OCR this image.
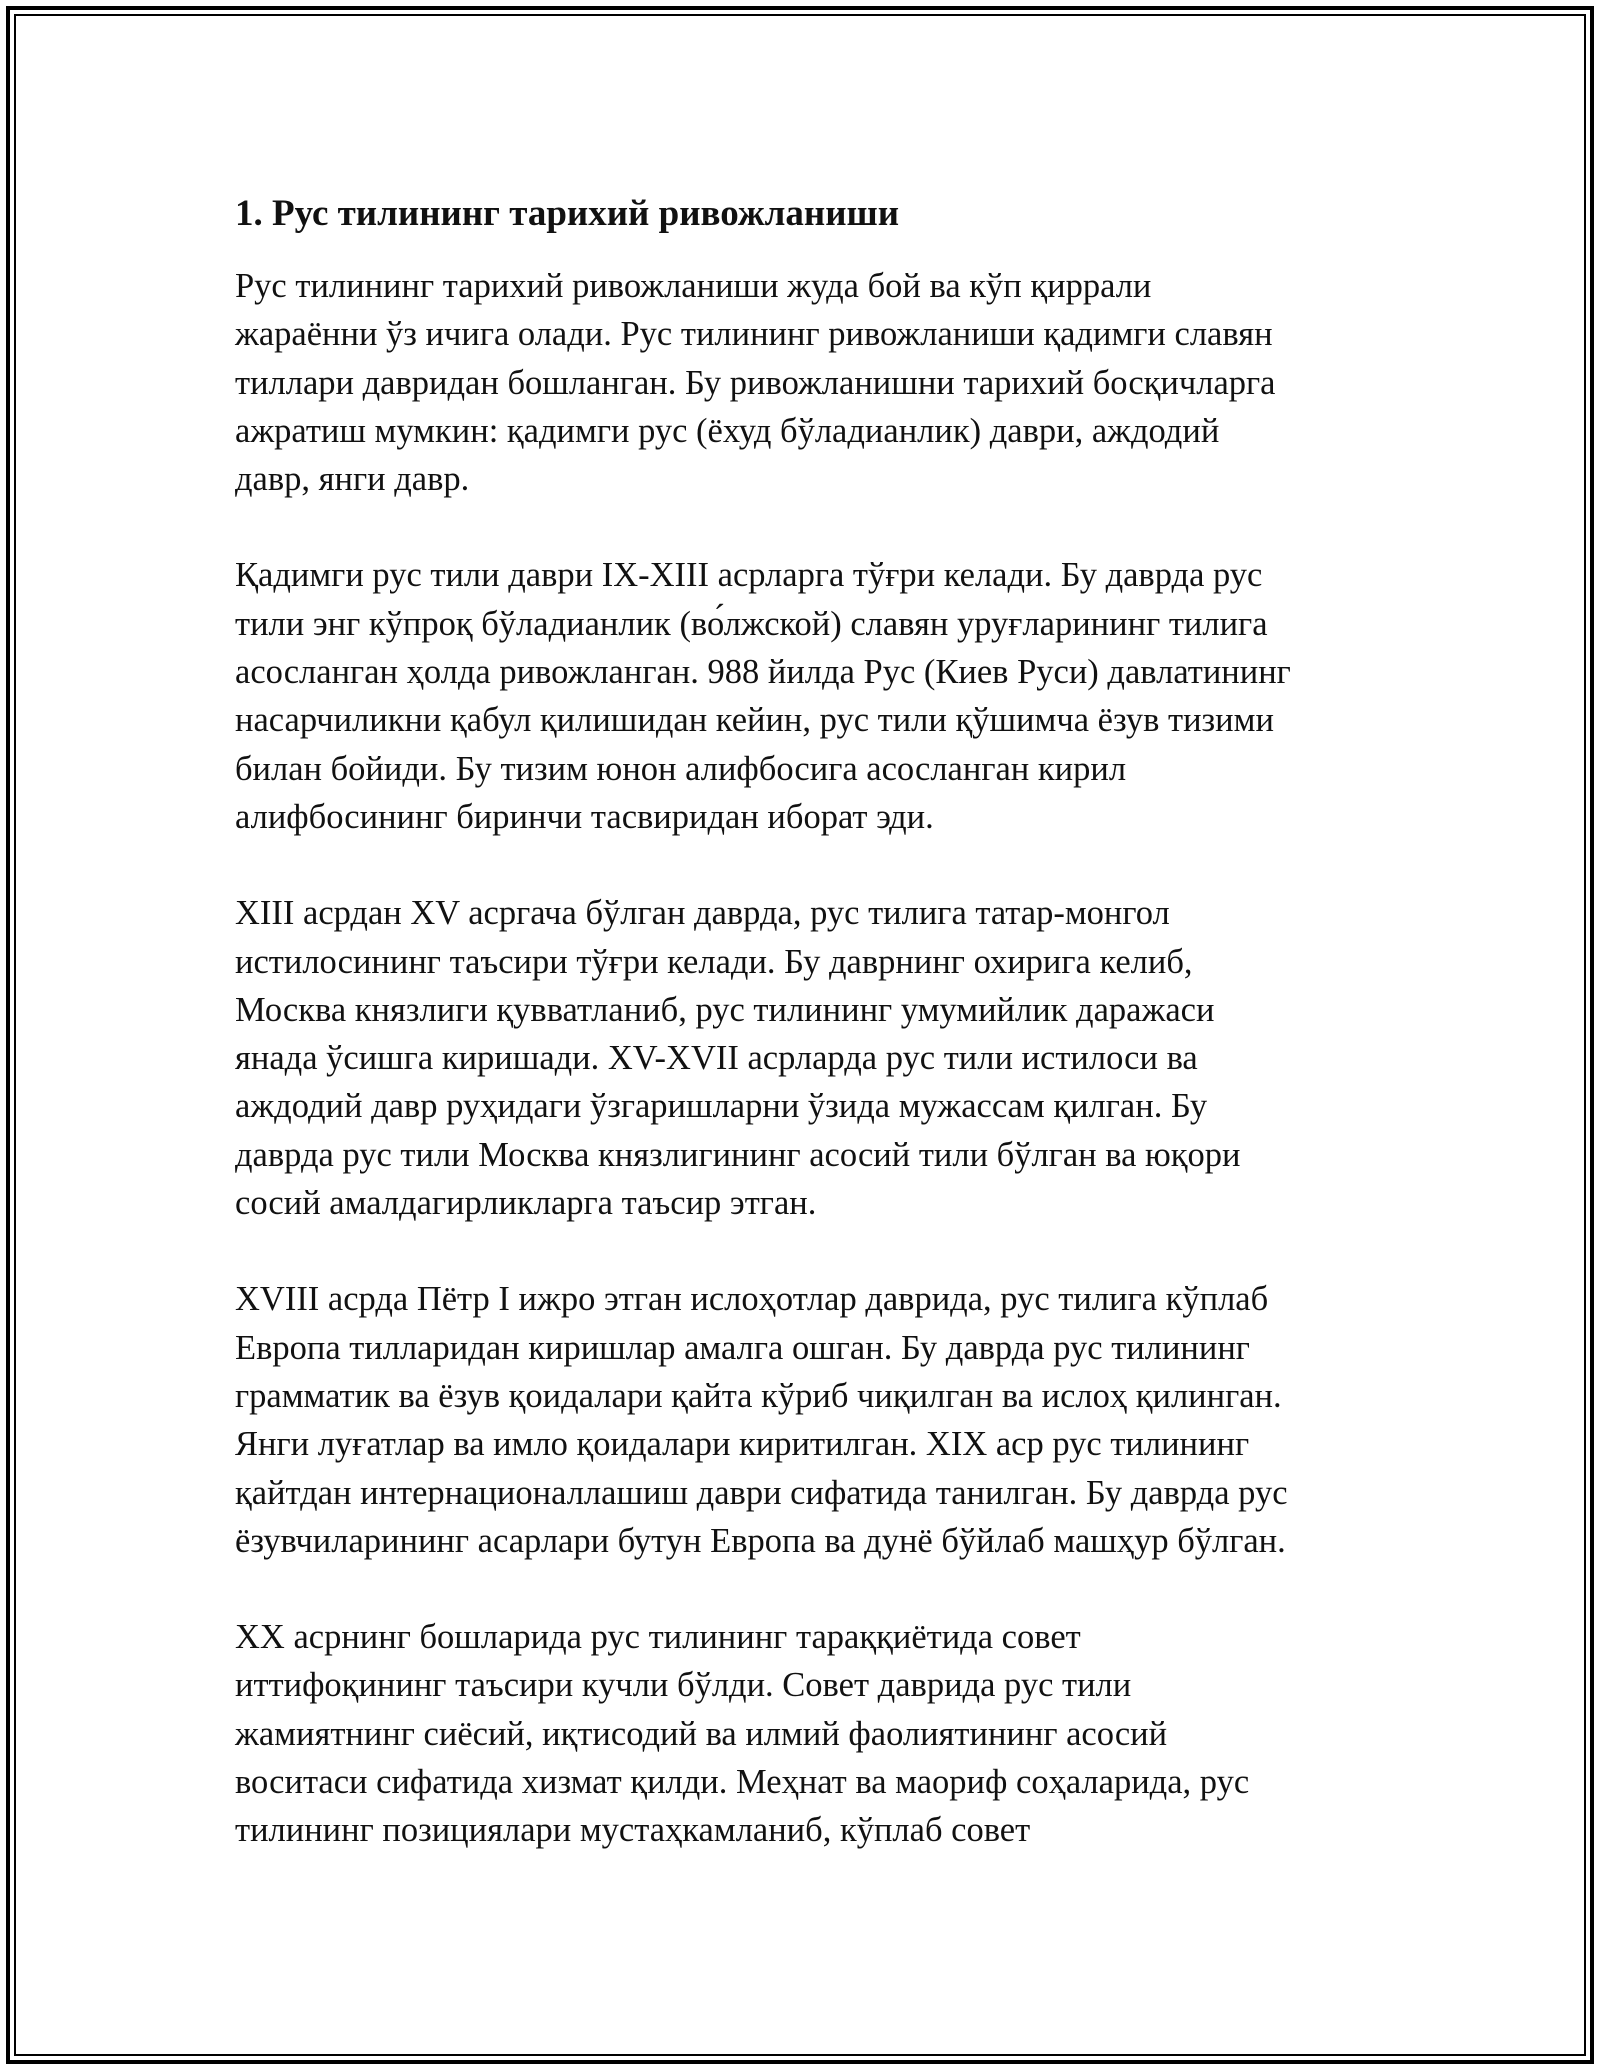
1. Рус тилининг тарихий ривожланиши

Рус тилининг тарихий ривожланиши жуда бой ва кўп қиррали
жараённи ўз ичига олади. Рус тилининг ривожланиши қадимги славян
тиллари давридан бошланган. Бу ривожланишни тарихий босқичларга
ажратиш мумкин: қадимги рус (ёхуд бўладианлик) даври, аждодий
давр, янги давр.

Қадимги рус тили даври IX-XIII асрларга тўғри келади. Бу даврда рус
тили энг кўпроқ бўладианлик (во́лжской) славян уруғларининг тилига
асосланган ҳолда ривожланган. 988 йилда Рус (Киев Руси) давлатининг
насарчиликни қабул қилишидан кейин, рус тили қўшимча ёзув тизими
билан бойиди. Бу тизим юнон алифбосига асосланган кирил
алифбосининг биринчи тасвиридан иборат эди.

XIII асрдан XV асргача бўлган даврда, рус тилига татар-монгол
истилосининг таъсири тўғри келади. Бу даврнинг охирига келиб,
Москва князлиги қувватланиб, рус тилининг умумийлик даражаси
янада ўсишга киришади. XV-XVII асрларда рус тили истилоси ва
аждодий давр руҳидаги ўзгаришларни ўзида мужассам қилган. Бу
даврда рус тили Москва князлигининг асосий тили бўлган ва юқори
сосий амалдагирликларга таъсир этган.

XVIII асрда Пётр I ижро этган ислоҳотлар даврида, рус тилига кўплаб
Европа тилларидан киришлар амалга ошган. Бу даврда рус тилининг
грамматик ва ёзув қоидалари қайта кўриб чиқилган ва ислоҳ қилинган.
Янги луғатлар ва имло қоидалари киритилган. XIX аср рус тилининг
қайтдан интернационаллашиш даври сифатида танилган. Бу даврда рус
ёзувчиларининг асарлари бутун Европа ва дунё бўйлаб машҳур бўлган.

XX асрнинг бошларида рус тилининг тараққиётида совет
иттифоқининг таъсири кучли бўлди. Совет даврида рус тили
жамиятнинг сиёсий, иқтисодий ва илмий фаолиятининг асосий
воситаси сифатида хизмат қилди. Меҳнат ва маориф соҳаларида, рус
тилининг позициялари мустаҳкамланиб, кўплаб совет
